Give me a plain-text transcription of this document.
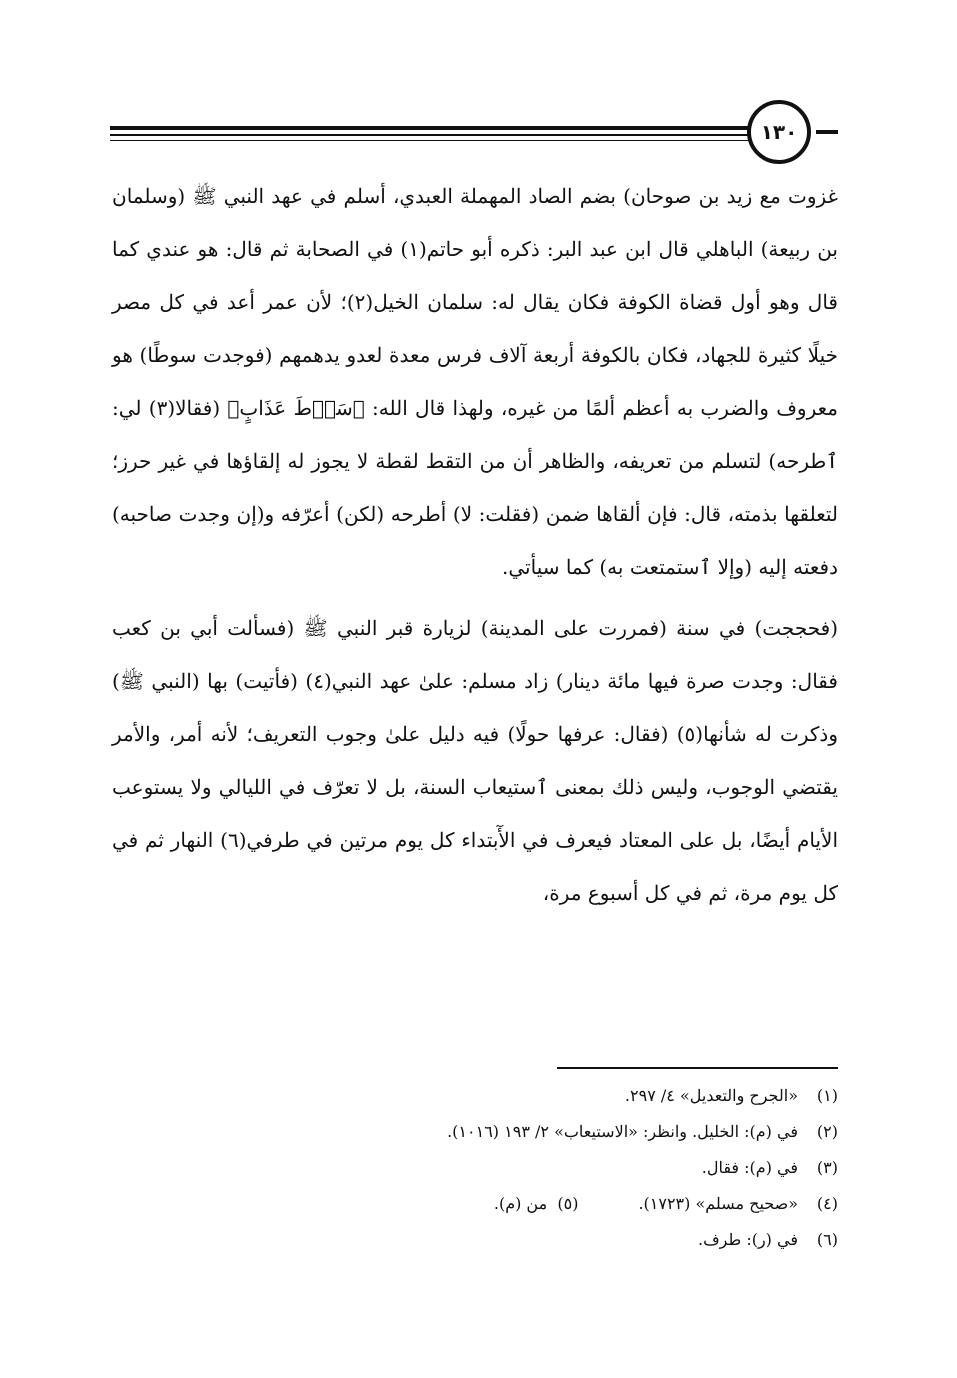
١٣٠

غزوت مع زيد بن صوحان) بضم الصاد المهملة العبدي، أسلم في عهد النبي ﷺ (وسلمان بن ربيعة) الباهلي قال ابن عبد البر: ذكره أبو حاتم(١) في الصحابة ثم قال: هو عندي كما قال وهو أول قضاة الكوفة فكان يقال له: سلمان الخيل(٢)؛ لأن عمر أعد في كل مصر خيلًا كثيرة للجهاد، فكان بالكوفة أربعة آلاف فرس معدة لعدو يدهمهم (فوجدت سوطًا) هو معروف والضرب به أعظم ألمًا من غيره، ولهذا قال الله: ﴿سَوۡطَ عَذَابٍ﴾ (فقالا(٣) لي: ٱطرحه) لتسلم من تعريفه، والظاهر أن من التقط لقطة لا يجوز له إلقاؤها في غير حرز؛ لتعلقها بذمته، قال: فإن ألقاها ضمن (فقلت: لا) أطرحه (لكن) أعرّفه و(إن وجدت صاحبه) دفعته إليه (وإلا ٱستمتعت به) كما سيأتي.

(فحججت) في سنة (فمررت على المدينة) لزيارة قبر النبي ﷺ (فسألت أبي بن كعب فقال: وجدت صرة فيها مائة دينار) زاد مسلم: علىٰ عهد النبي(٤) (فأتيت) بها (النبي ﷺ) وذكرت له شأنها(٥) (فقال: عرفها حولًا) فيه دليل علىٰ وجوب التعريف؛ لأنه أمر، والأمر يقتضي الوجوب، وليس ذلك بمعنى ٱستيعاب السنة، بل لا تعرّف في الليالي ولا يستوعب الأيام أيضًا، بل على المعتاد فيعرف في الأٓبتداء كل يوم مرتين في طرفي(٦) النهار ثم في كل يوم مرة، ثم في كل أسبوع مرة،

(١)«الجرح والتعديل» ٤/ ٢٩٧.
(٢)في (م): الخليل. وانظر: «الاستيعاب» ٢/ ١٩٣ (١٠١٦).
(٣)في (م): فقال.
(٤)«صحيح مسلم» (١٧٢٣).(٥)  من (م).
(٦)في (ر): طرف.
